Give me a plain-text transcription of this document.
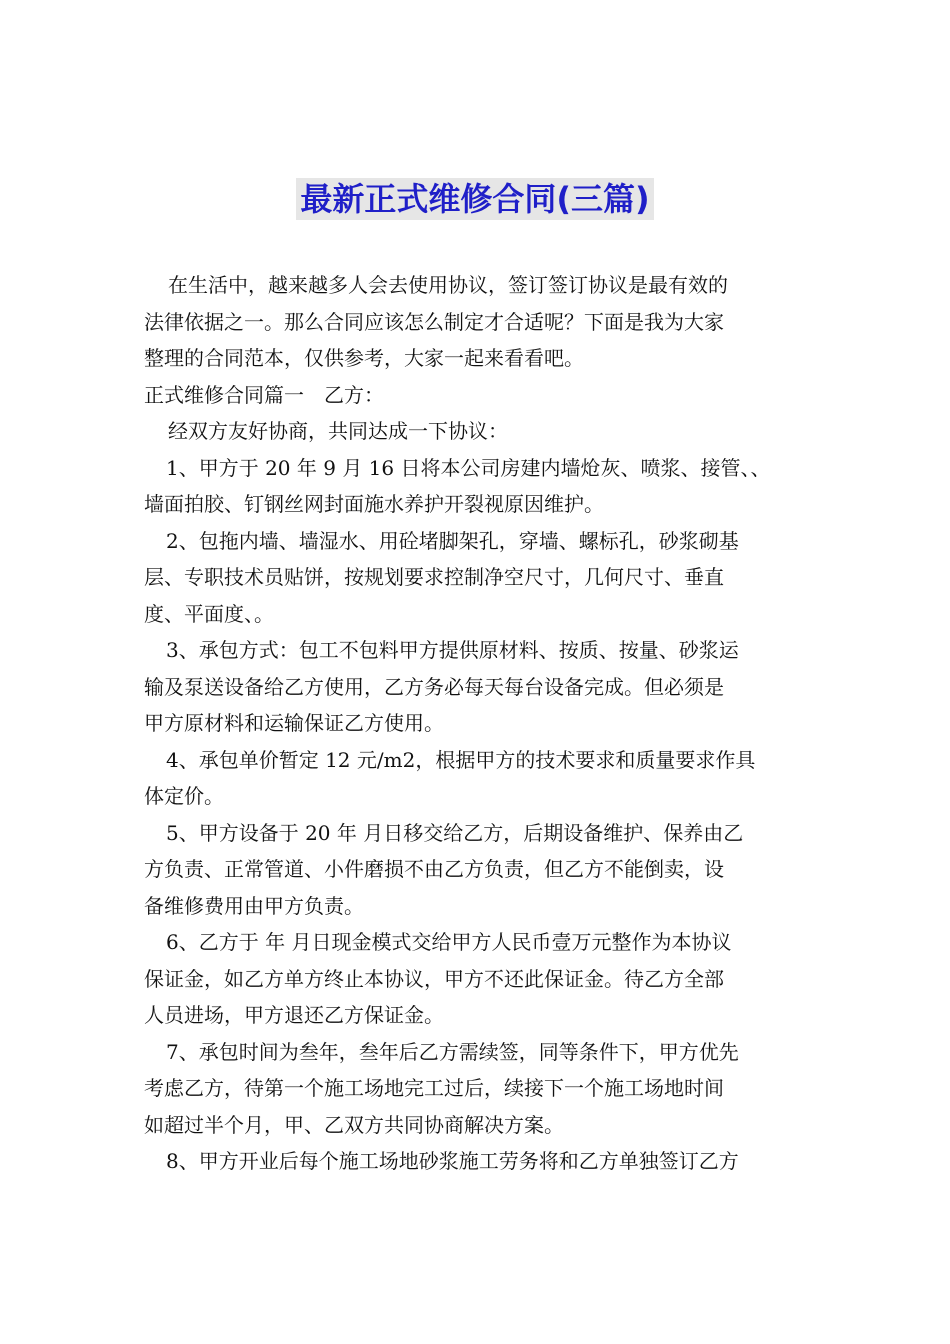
最新正式维修合同(三篇)
在生活中，越来越多人会去使用协议，签订签订协议是最有效的
法律依据之一。那么合同应该怎么制定才合适呢？下面是我为大家
整理的合同范本，仅供参考，大家一起来看看吧。
正式维修合同篇一　乙方：
经双方友好协商，共同达成一下协议：
1、甲方于 20 年 9 月 16 日将本公司房建内墙炝灰、喷浆、接管、、
墙面拍胶、钉钢丝网封面施水养护开裂视原因维护。
2、包拖内墙、墙湿水、用砼堵脚架孔，穿墙、螺标孔，砂浆砌基
层、专职技术员贴饼，按规划要求控制净空尺寸，几何尺寸、垂直
度、平面度、。
3、承包方式：包工不包料甲方提供原材料、按质、按量、砂浆运
输及泵送设备给乙方使用，乙方务必每天每台设备完成。但必须是
甲方原材料和运输保证乙方使用。
4、承包单价暂定 12 元/m2，根据甲方的技术要求和质量要求作具
体定价。
5、甲方设备于 20 年 月日移交给乙方，后期设备维护、保养由乙
方负责、正常管道、小件磨损不由乙方负责，但乙方不能倒卖，设
备维修费用由甲方负责。
6、乙方于 年 月日现金模式交给甲方人民币壹万元整作为本协议
保证金，如乙方单方终止本协议，甲方不还此保证金。待乙方全部
人员进场，甲方退还乙方保证金。
7、承包时间为叁年，叁年后乙方需续签，同等条件下，甲方优先
考虑乙方，待第一个施工场地完工过后，续接下一个施工场地时间
如超过半个月，甲、乙双方共同协商解决方案。
8、甲方开业后每个施工场地砂浆施工劳务将和乙方单独签订乙方
